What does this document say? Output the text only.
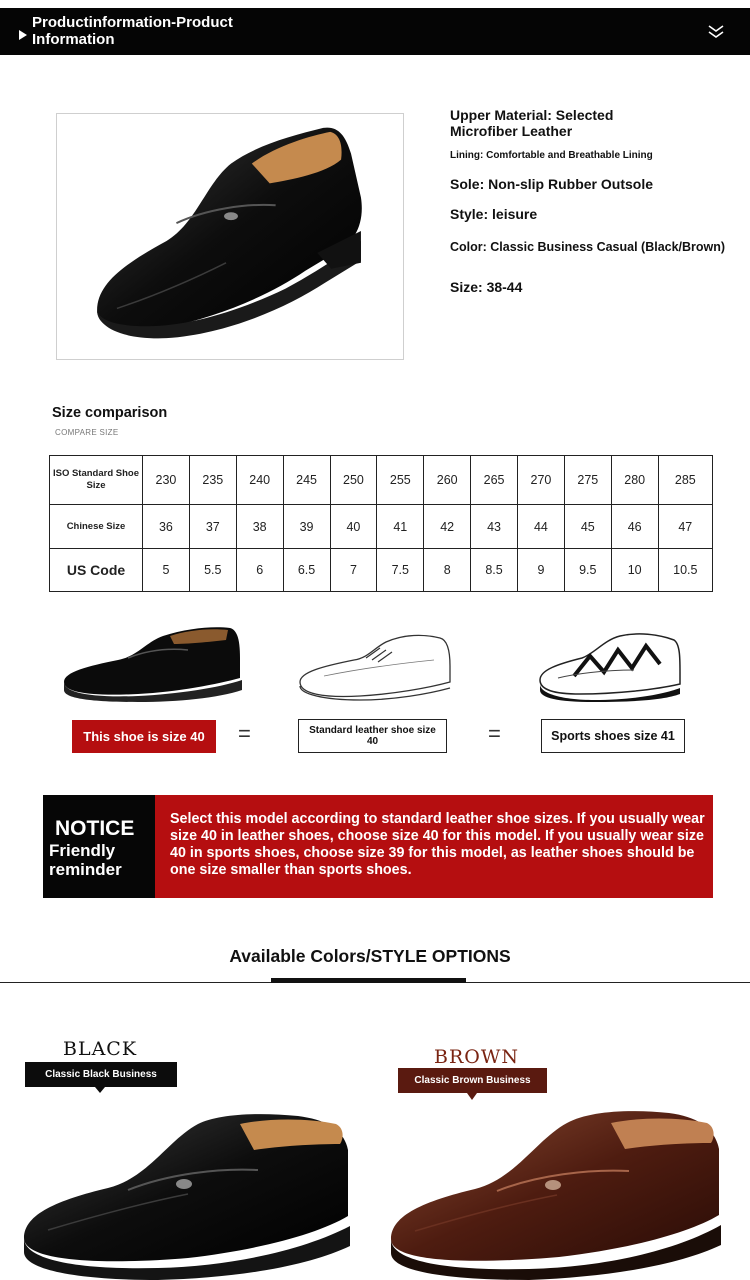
Productinformation-Product Information
Upper Material: Selected Microfiber Leather
Lining: Comfortable and Breathable Lining
Sole: Non-slip Rubber Outsole
Style: leisure
Color: Classic Business Casual (Black/Brown)
Size: 38-44
Size comparison
COMPARE SIZE
ISO Standard Shoe Size	230	235	240	245	250	255	260	265	270	275	280	285
Chinese Size	36	37	38	39	40	41	42	43	44	45	46	47
US Code	5	5.5	6	6.5	7	7.5	8	8.5	9	9.5	10	10.5
This shoe is size 40	=	Standard leather shoe size 40	=	Sports shoes size 41
NOTICE
Friendly reminder
Select this model according to standard leather shoe sizes. If you usually wear size 40 in leather shoes, choose size 40 for this model. If you usually wear size 40 in sports shoes, choose size 39 for this model, as leather shoes should be one size smaller than sports shoes.
Available Colors/STYLE OPTIONS
BLACK
Classic Black Business
BROWN
Classic Brown Business
